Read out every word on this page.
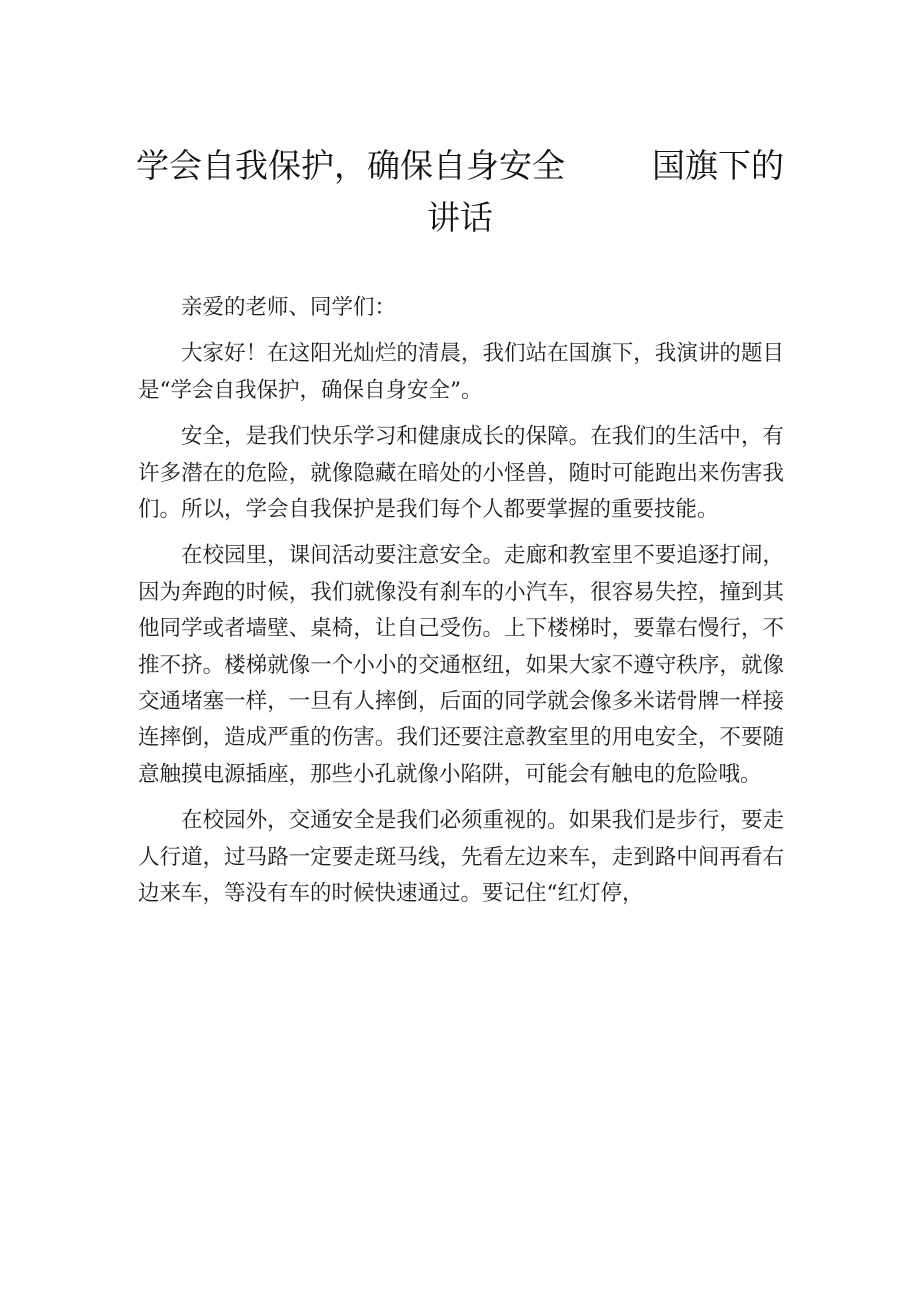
学会自我保护，确保自身安全	国旗下的
讲话

亲爱的老师、同学们：

大家好！在这阳光灿烂的清晨，我们站在国旗下，我演讲的题目是“学会自我保护，确保自身安全”。

安全，是我们快乐学习和健康成长的保障。在我们的生活中，有许多潜在的危险，就像隐藏在暗处的小怪兽，随时可能跑出来伤害我们。所以，学会自我保护是我们每个人都要掌握的重要技能。

在校园里，课间活动要注意安全。走廊和教室里不要追逐打闹，因为奔跑的时候，我们就像没有刹车的小汽车，很容易失控，撞到其他同学或者墙壁、桌椅，让自己受伤。上下楼梯时，要靠右慢行，不推不挤。楼梯就像一个小小的交通枢纽，如果大家不遵守秩序，就像交通堵塞一样，一旦有人摔倒，后面的同学就会像多米诺骨牌一样接连摔倒，造成严重的伤害。我们还要注意教室里的用电安全，不要随意触摸电源插座，那些小孔就像小陷阱，可能会有触电的危险哦。

在校园外，交通安全是我们必须重视的。如果我们是步行，要走人行道，过马路一定要走斑马线，先看左边来车，走到路中间再看右边来车，等没有车的时候快速通过。要记住“红灯停，
